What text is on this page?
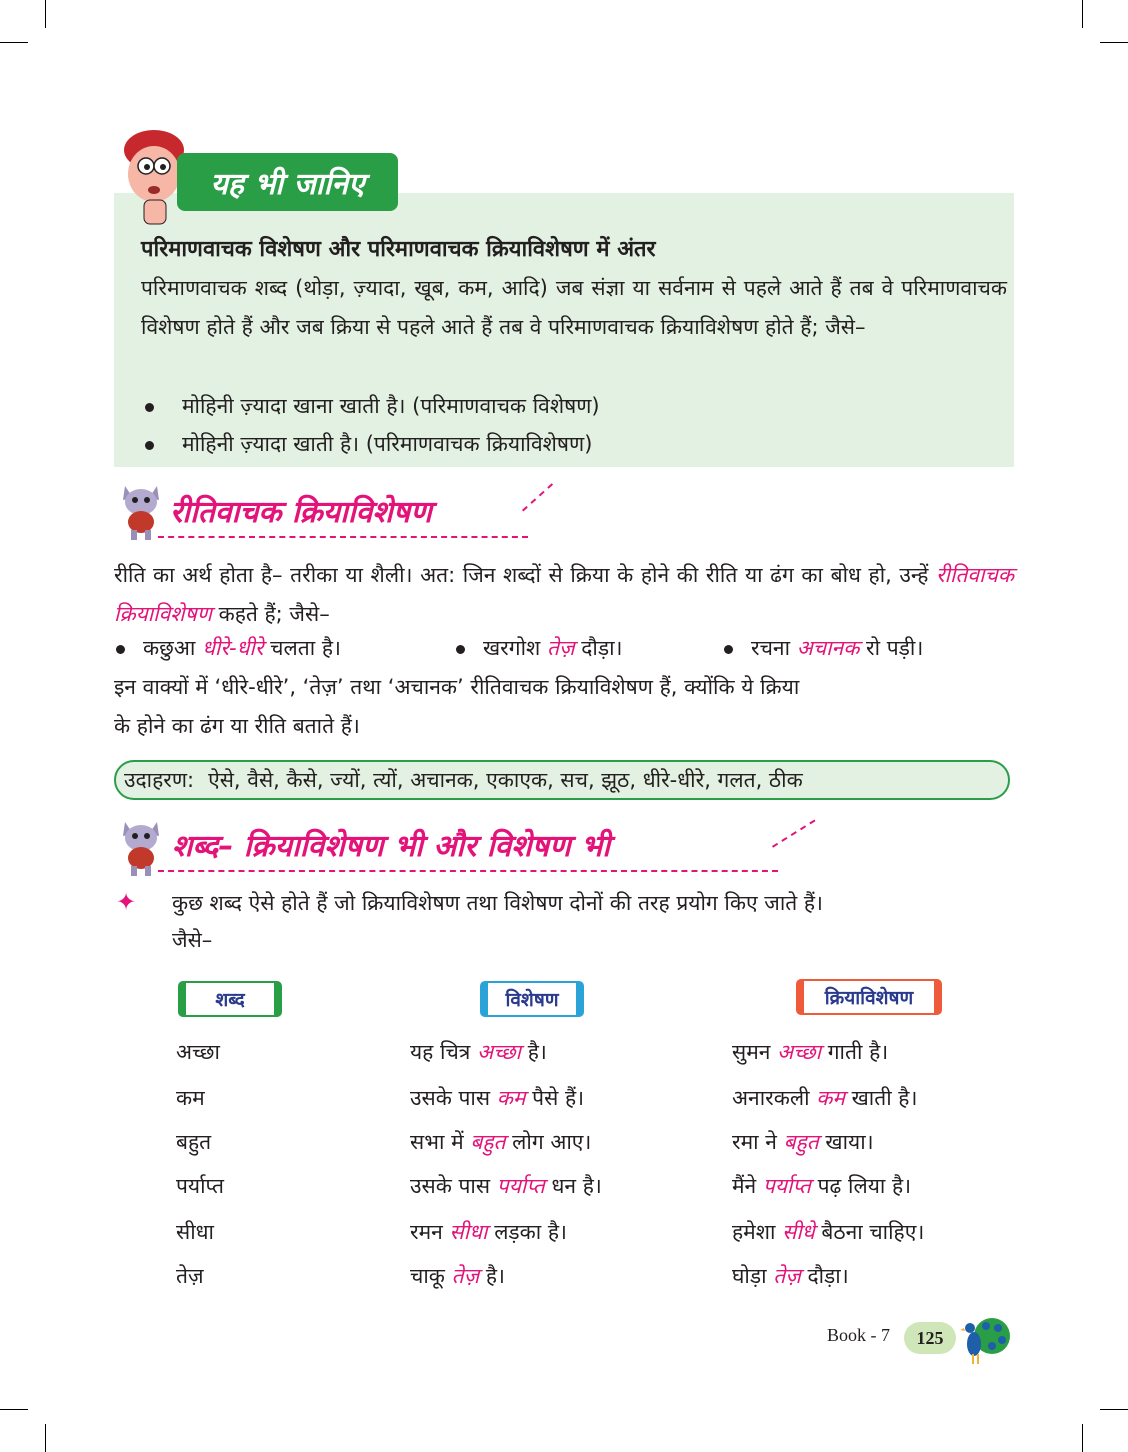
यह भी जानिए
परिमाणवाचक विशेषण और परिमाणवाचक क्रियाविशेषण में अंतर
परिमाणवाचक शब्द (थोड़ा, ज़्यादा, खूब, कम, आदि) जब संज्ञा या सर्वनाम से पहले आते हैं तब वे परिमाणवाचक विशेषण होते हैं और जब क्रिया से पहले आते हैं तब वे परिमाणवाचक क्रियाविशेषण होते हैं; जैसे–
मोहिनी ज़्यादा खाना खाती है। (परिमाणवाचक विशेषण)
मोहिनी ज़्यादा खाती है। (परिमाणवाचक क्रियाविशेषण)
रीतिवाचक क्रियाविशेषण
रीति का अर्थ होता है– तरीका या शैली। अत: जिन शब्दों से क्रिया के होने की रीति या ढंग का बोध हो, उन्हें रीतिवाचक क्रियाविशेषण कहते हैं; जैसे–
कछुआ धीरे-धीरे चलता है।	खरगोश तेज़ दौड़ा।	रचना अचानक रो पड़ी।
इन वाक्यों में ‘धीरे-धीरे’, ‘तेज़’ तथा ‘अचानक’ रीतिवाचक क्रियाविशेषण हैं, क्योंकि ये क्रिया
के होने का ढंग या रीति बताते हैं।
उदाहरण: ऐसे, वैसे, कैसे, ज्यों, त्यों, अचानक, एकाएक, सच, झूठ, धीरे-धीरे, गलत, ठीक
शब्द– क्रियाविशेषण भी और विशेषण भी
✦ कुछ शब्द ऐसे होते हैं जो क्रियाविशेषण तथा विशेषण दोनों की तरह प्रयोग किए जाते हैं।
जैसे–
शब्द	विशेषण	क्रियाविशेषण
अच्छा	यह चित्र अच्छा है।	सुमन अच्छा गाती है।
कम	उसके पास कम पैसे हैं।	अनारकली कम खाती है।
बहुत	सभा में बहुत लोग आए।	रमा ने बहुत खाया।
पर्याप्त	उसके पास पर्याप्त धन है।	मैंने पर्याप्त पढ़ लिया है।
सीधा	रमन सीधा लड़का है।	हमेशा सीधे बैठना चाहिए।
तेज़	चाकू तेज़ है।	घोड़ा तेज़ दौड़ा।
Book - 7	125
